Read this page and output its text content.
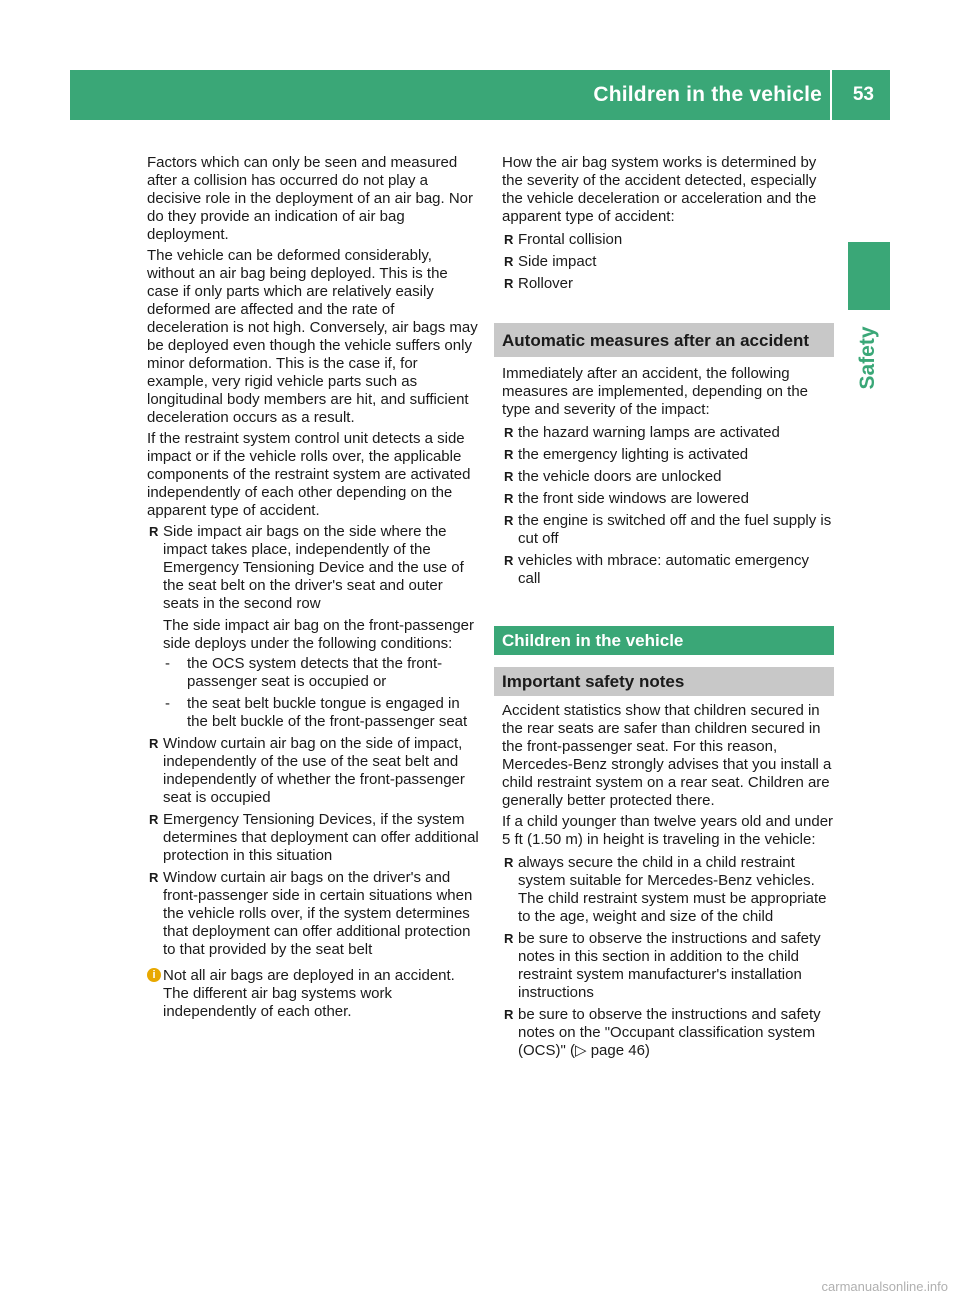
Children in the vehicle 53
Safety

Factors which can only be seen and measured after a collision has occurred do not play a decisive role in the deployment of an air bag. Nor do they provide an indication of air bag deployment.

The vehicle can be deformed considerably, without an air bag being deployed. This is the case if only parts which are relatively easily deformed are affected and the rate of deceleration is not high. Conversely, air bags may be deployed even though the vehicle suffers only minor deformation. This is the case if, for example, very rigid vehicle parts such as longitudinal body members are hit, and sufficient deceleration occurs as a result.

If the restraint system control unit detects a side impact or if the vehicle rolls over, the applicable components of the restraint system are activated independently of each other depending on the apparent type of accident.

R Side impact air bags on the side where the impact takes place, independently of the Emergency Tensioning Device and the use of the seat belt on the driver's seat and outer seats in the second row
The side impact air bag on the front-passenger side deploys under the following conditions:
- the OCS system detects that the front-passenger seat is occupied or
- the seat belt buckle tongue is engaged in the belt buckle of the front-passenger seat
R Window curtain air bag on the side of impact, independently of the use of the seat belt and independently of whether the front-passenger seat is occupied
R Emergency Tensioning Devices, if the system determines that deployment can offer additional protection in this situation
R Window curtain air bags on the driver's and front-passenger side in certain situations when the vehicle rolls over, if the system determines that deployment can offer additional protection to that provided by the seat belt
i Not all air bags are deployed in an accident. The different air bag systems work independently of each other.

How the air bag system works is determined by the severity of the accident detected, especially the vehicle deceleration or acceleration and the apparent type of accident:

R Frontal collision
R Side impact
R Rollover
Automatic measures after an accident

Immediately after an accident, the following measures are implemented, depending on the type and severity of the impact:

R the hazard warning lamps are activated
R the emergency lighting is activated
R the vehicle doors are unlocked
R the front side windows are lowered
R the engine is switched off and the fuel supply is cut off
R vehicles with mbrace: automatic emergency call
Children in the vehicle
Important safety notes

Accident statistics show that children secured in the rear seats are safer than children secured in the front-passenger seat. For this reason, Mercedes-Benz strongly advises that you install a child restraint system on a rear seat. Children are generally better protected there.

If a child younger than twelve years old and under 5 ft (1.50 m) in height is traveling in the vehicle:

R always secure the child in a child restraint system suitable for Mercedes-Benz vehicles. The child restraint system must be appropriate to the age, weight and size of the child
R be sure to observe the instructions and safety notes in this section in addition to the child restraint system manufacturer's installation instructions
R be sure to observe the instructions and safety notes on the "Occupant classification system (OCS)" (▷ page 46)
carmanualsonline.info
